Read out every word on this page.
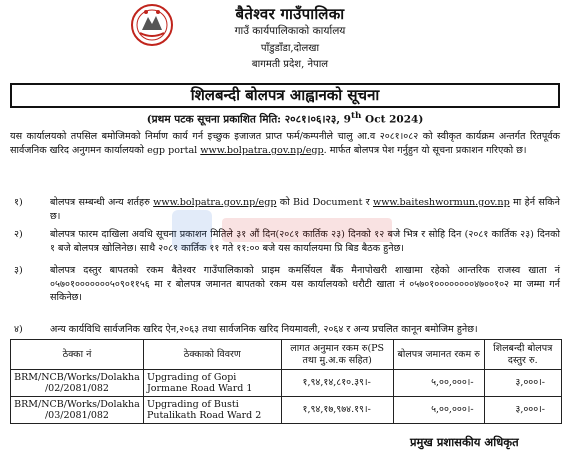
बैतेश्वर गाउँपालिका
गाउँ कार्यपालिकाको कार्यालय
पाँडुडाँडा,दोलखा
बागमती प्रदेश, नेपाल
शिलबन्दी बोलपत्र आह्वानको सूचना
(प्रथम पटक सूचना प्रकाशित मिति: २०८१।०६।२३, 9th Oct 2024)
यस कार्यालयको तपसिल बमोजिमको निर्माण कार्य गर्न इच्छुक इजाजत प्राप्त फर्म/कम्पनीले चालु आ.व २०८१।०८२ को स्वीकृत कार्यक्रम अन्तर्गत रितपूर्वक सार्वजनिक खरिद अनुगमन कार्यालयको egp portal www.bolpatra.gov.np/egp. मार्फत बोलपत्र पेश गर्नुहुन यो सूचना प्रकाशन गरिएको छ।
१)	बोलपत्र सम्बन्धी अन्य शर्तहरु www.bolpatra.gov.np/egp को Bid Document र www.baiteshwormun.gov.np मा हेर्न सकिने छ।
२)	बोलपत्र फारम दाखिला अवधि सूचना प्रकाशन मितिले ३१ औं दिन(२०८१ कार्तिक २३) दिनको १२ बजे भित्र र सोहि दिन (२०८१ कार्तिक २३) दिनको १ बजे बोलपत्र खोलिनेछ। साथै २०८१ कार्तिक ११ गते ११:०० बजे यस कार्यालयमा प्रि बिड बैठक हुनेछ।
३)	बोलपत्र दस्तुर बापतको रकम बैतेश्वर गाउँपालिकाको प्राइम कमर्सियल बैंक मैनापोखरी शाखामा रहेको आन्तरिक राजस्व खाता नं ०५७०१०००००००५०९०११५६ मा र बोलपत्र जमानत बापतको रकम यस कार्यालयको धरौटी खाता नं ०५७०१००००००००४७००१०२ मा जम्मा गर्न सकिनेछ।
४)	अन्य कार्यविधि सार्वजनिक खरिद ऐन,२०६३ तथा सार्वजनिक खरिद नियमावली, २०६४ र अन्य प्रचलित कानून बमोजिम हुनेछ।
ठेक्का नं	ठेक्काको विवरण	लागत अनुमान रकम रु(PS तथा मु.अ.क सहित)	बोलपत्र जमानत रकम रु	शिलबन्दी बोलपत्र दस्तुर रु.
BRM/NCB/Works/Dolakha /02/2081/082	Upgrading of Gopi Jormane Road Ward 1	१,९४,१४,८१०.३९।-	५,००,०००।-	३,०००।-
BRM/NCB/Works/Dolakha /03/2081/082	Upgrading of Busti Putalikath Road Ward 2	१,९४,१७,९७४.१९।-	५,००,०००।-	३,०००।-
प्रमुख प्रशासकीय अधिकृत
